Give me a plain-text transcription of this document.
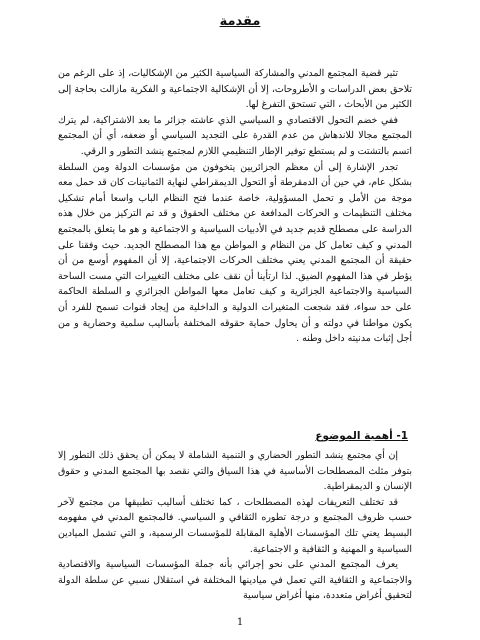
مقدمة

تثير قضية المجتمع المدني والمشاركة السياسية الكثير من الإشكاليات، إذ على الرغم من تلاحق بعض الدراسات و الأطروحات، إلا أن الإشكالية الاجتماعية و الفكرية مازالت بحاجة إلى الكثير من الأبحاث ، التي تستحق التفرغ لها.

ففي خضم التحول الاقتصادي و السياسي الذي عاشته جزائر ما بعد الاشتراكية، لم يترك المجتمع مجالا للاندهاش من عدم القدرة على التجديد السياسي أو ضعفه، أي أن المجتمع اتسم بالتشتت و لم يستطع توفير الإطار التنظيمي اللازم لمجتمع ينشد التطور و الرقي.

تجدر الإشارة إلى أن معظم الجزائريين يتخوفون من مؤسسات الدولة ومن السلطة بشكل عام، في حين أن الدمقرطة أو التحول الديمقراطي لنهاية الثمانينات كان قد حمل معه موجة من الأمل و تحمل المسؤولية، خاصة عندما فتح النظام الباب واسعا أمام تشكيل مختلف التنظيمات و الحركات المدافعة عن مختلف الحقوق و قد تم التركيز من خلال هذه الدراسة على مصطلح قديم جديد في الأدبيات السياسية و الاجتماعية و هو ما يتعلق بالمجتمع المدني و كيف تعامل كل من النظام و المواطن مع هذا المصطلح الجديد. حيث وفقنا على حقيقة أن المجتمع المدني يعني مختلف الحركات الاجتماعية، إلا أن المفهوم أوسع من أن يؤطر في هذا المفهوم الضيق. لذا ارتأينا أن نقف على مختلف التغييرات التي مست الساحة السياسية والاجتماعية الجزائرية و كيف تعامل معها المواطن الجزائري و السلطة الحاكمة على حد سواء، فقد شجعت المتغيرات الدولية و الداخلية من إيجاد قنوات تسمح للفرد أن يكون مواطنا في دولته و أن يحاول حماية حقوقه المختلفة بأساليب سلمية وحضارية و من أجل إثبات مدنيته داخل وطنه .

1- أهمية الموضوع

إن أي مجتمع ينشد التطور الحضاري و التنمية الشاملة لا يمكن أن يحقق ذلك التطور إلا بتوفر مثلث المصطلحات الأساسية في هذا السياق والتي نقصد بها المجتمع المدني و حقوق الإنسان و الديمقراطية.

قد تختلف التعريفات لهذه المصطلحات ، كما تختلف أساليب تطبيقها من مجتمع لآخر حسب ظروف المجتمع و درجة تطوره الثقافي و السياسي. فالمجتمع المدني في مفهومه البسيط يعني تلك المؤسسات الأهلية المقابلة للمؤسسات الرسمية، و التي تشمل الميادين السياسية و المهنية و الثقافية و الاجتماعية.

يعرف المجتمع المدني على نحو إجرائي بأنه جملة المؤسسات السياسية والاقتصادية والاجتماعية و الثقافية التي تعمل في ميادينها المختلفة في استقلال نسبي عن سلطة الدولة لتحقيق أغراض متعددة، منها أغراض سياسية

1
